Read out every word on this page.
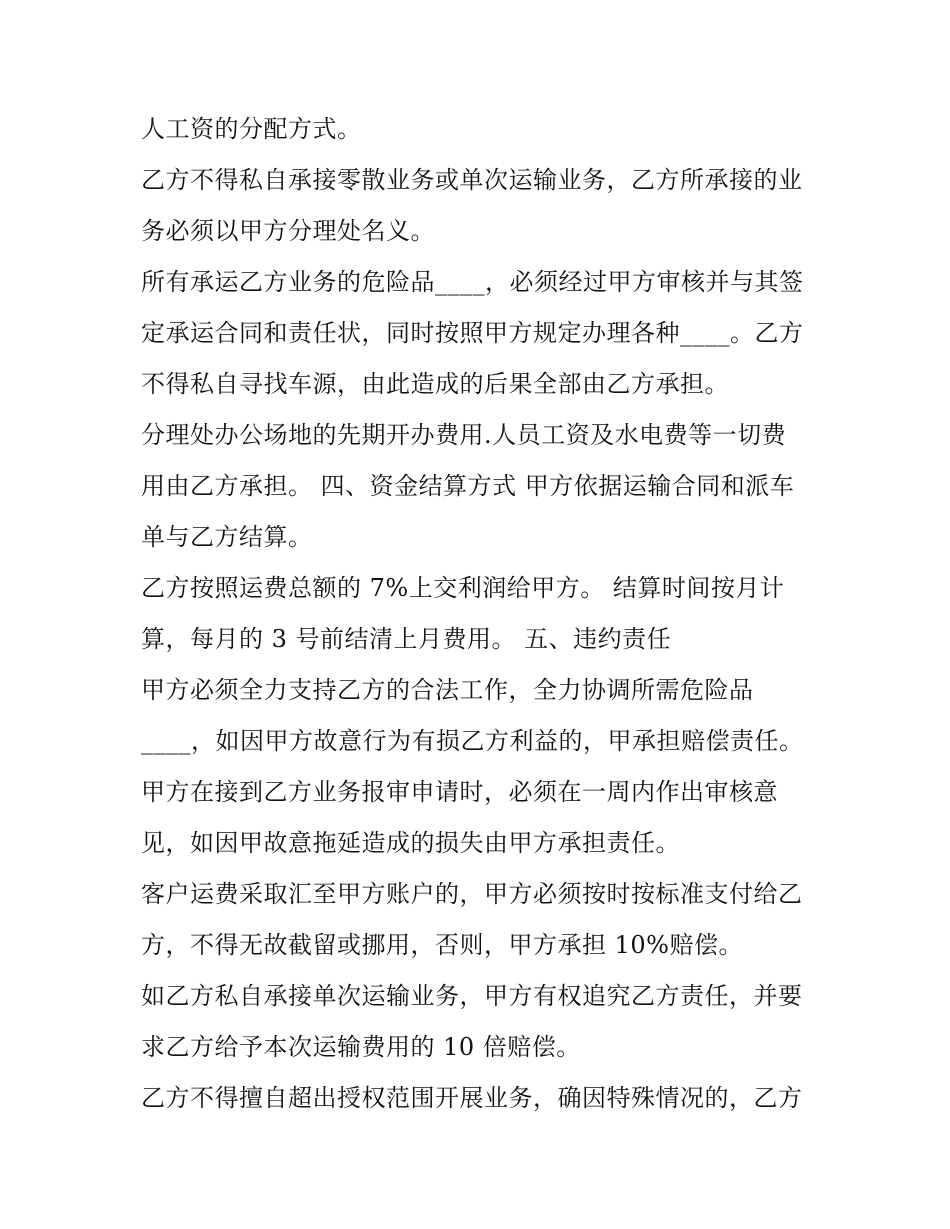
人工资的分配方式。
乙方不得私自承接零散业务或单次运输业务，乙方所承接的业
务必须以甲方分理处名义。
所有承运乙方业务的危险品____，必须经过甲方审核并与其签
定承运合同和责任状，同时按照甲方规定办理各种____。乙方
不得私自寻找车源，由此造成的后果全部由乙方承担。
分理处办公场地的先期开办费用.人员工资及水电费等一切费
用由乙方承担。 四、资金结算方式 甲方依据运输合同和派车
单与乙方结算。
乙方按照运费总额的 7%上交利润给甲方。 结算时间按月计
算，每月的 3 号前结清上月费用。 五、违约责任
甲方必须全力支持乙方的合法工作，全力协调所需危险品
____，如因甲方故意行为有损乙方利益的，甲承担赔偿责任。
甲方在接到乙方业务报审申请时，必须在一周内作出审核意
见，如因甲故意拖延造成的损失由甲方承担责任。
客户运费采取汇至甲方账户的，甲方必须按时按标准支付给乙
方，不得无故截留或挪用，否则，甲方承担 10%赔偿。
如乙方私自承接单次运输业务，甲方有权追究乙方责任，并要
求乙方给予本次运输费用的 10 倍赔偿。
乙方不得擅自超出授权范围开展业务，确因特殊情况的，乙方
